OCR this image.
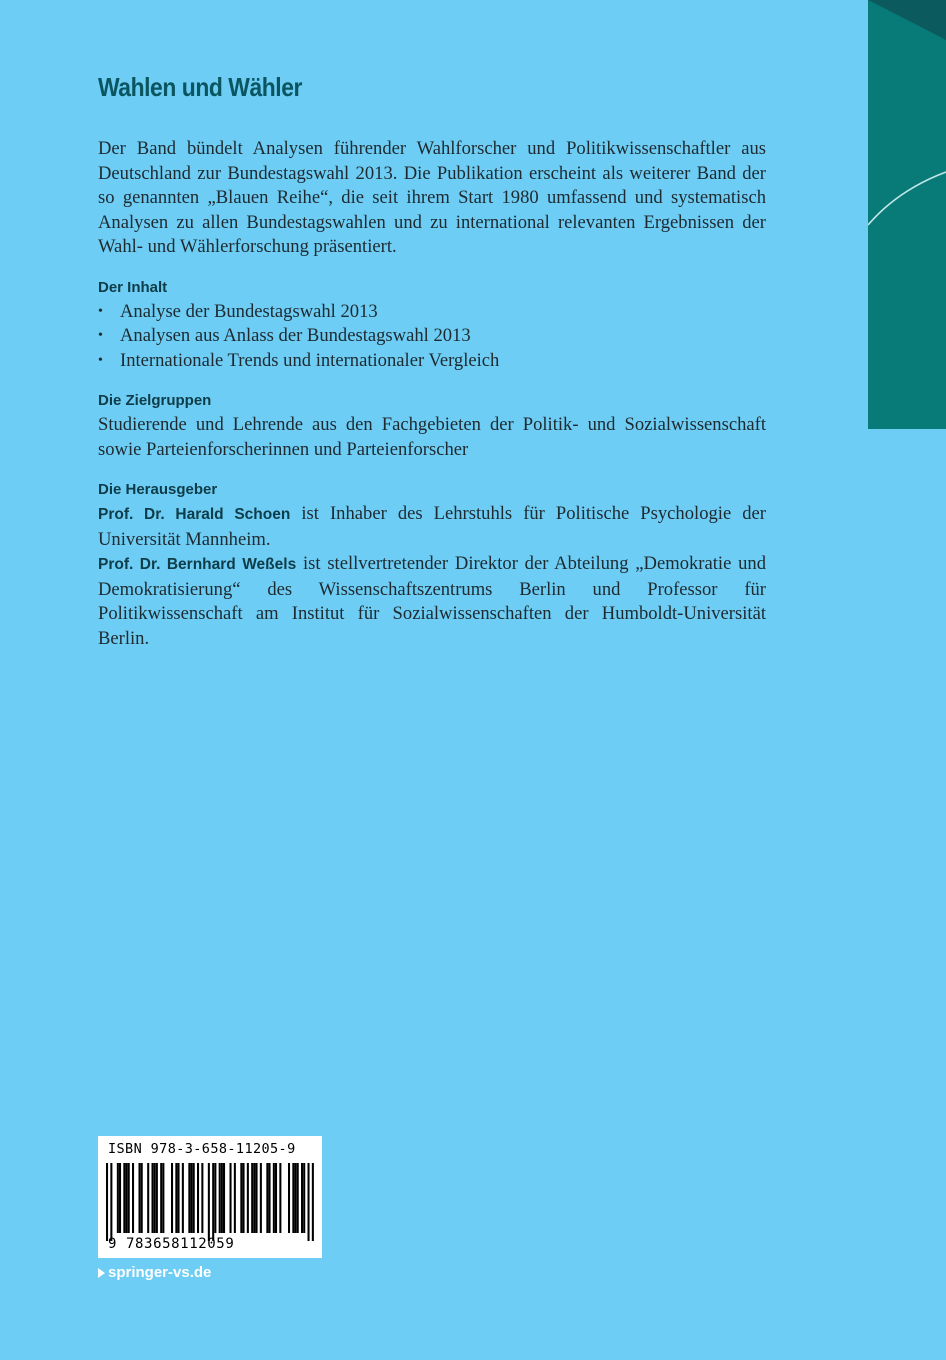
Wahlen und Wähler

Der Band bündelt Analysen führender Wahlforscher und Politikwissenschaftler aus Deutschland zur Bundestagswahl 2013. Die Publikation erscheint als weiterer Band der so genannten „Blauen Reihe“, die seit ihrem Start 1980 umfassend und systematisch Analysen zu allen Bundestagswahlen und zu international relevanten Ergebnissen der Wahl- und Wählerforschung präsentiert.

Der Inhalt
• Analyse der Bundestagswahl 2013
• Analysen aus Anlass der Bundestagswahl 2013
• Internationale Trends und internationaler Vergleich
Die Zielgruppen

Studierende und Lehrende aus den Fachgebieten der Politik- und Sozialwissenschaft sowie Parteienforscherinnen und Parteienforscher

Die Herausgeber

Prof. Dr. Harald Schoen ist Inhaber des Lehrstuhls für Politische Psychologie der Universität Mannheim.

Prof. Dr. Bernhard Weßels ist stellvertretender Direktor der Abteilung „Demokratie und Demokratisierung“ des Wissenschaftszentrums Berlin und Professor für Politikwissenschaft am Institut für Sozialwissenschaften der Humboldt-Universität Berlin.

ISBN 978-3-658-11205-9
9 783658112059
springer-vs.de
